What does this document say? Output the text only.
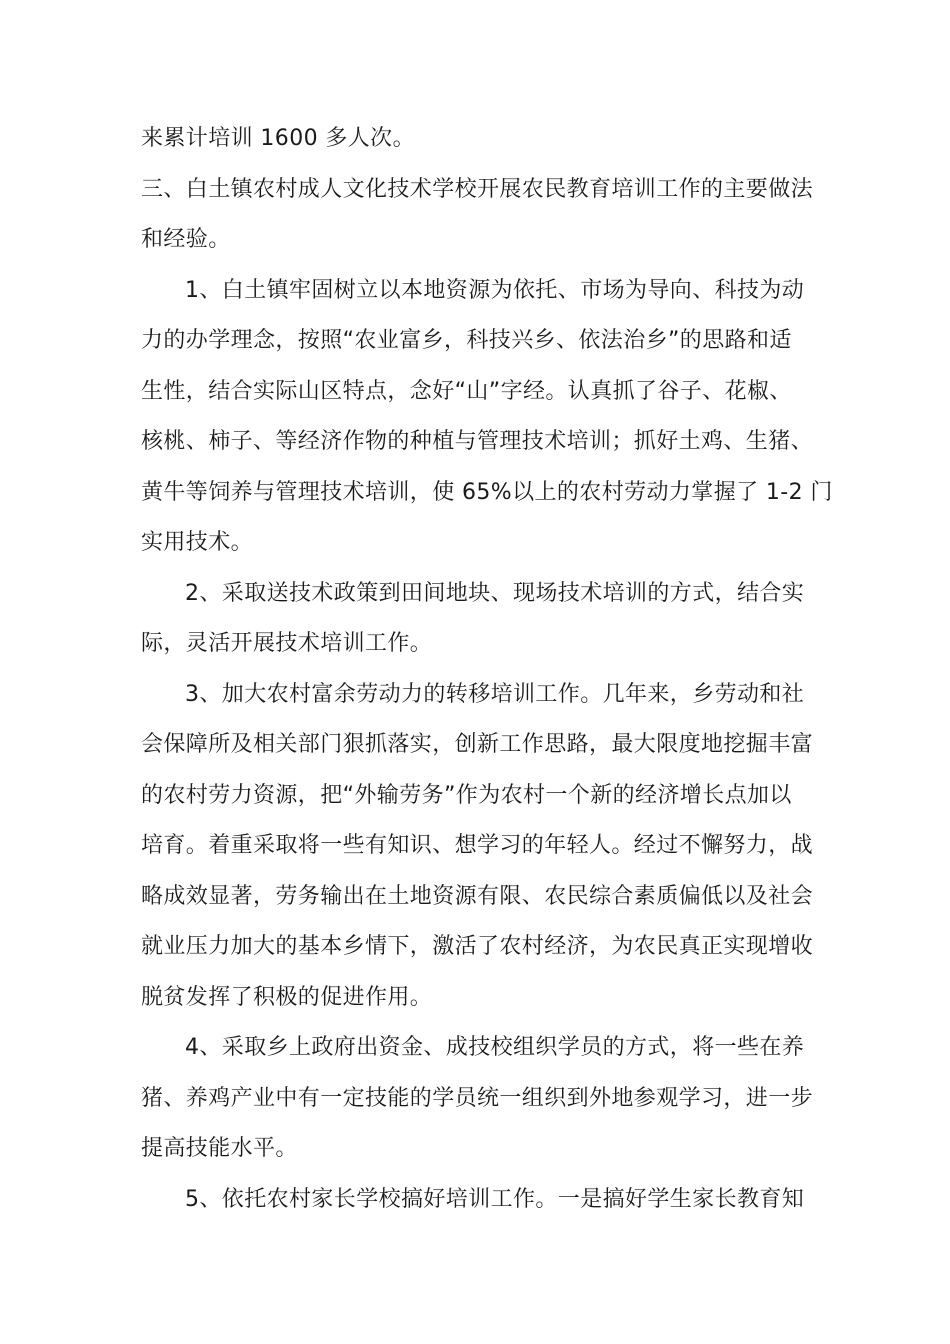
来累计培训 1600 多人次。
三、白土镇农村成人文化技术学校开展农民教育培训工作的主要做法
和经验。
1、白土镇牢固树立以本地资源为依托、市场为导向、科技为动
力的办学理念，按照“农业富乡，科技兴乡、依法治乡”的思路和适
生性，结合实际山区特点，念好“山”字经。认真抓了谷子、花椒、
核桃、柿子、等经济作物的种植与管理技术培训；抓好土鸡、生猪、
黄牛等饲养与管理技术培训，使 65%以上的农村劳动力掌握了 1-2 门
实用技术。
2、采取送技术政策到田间地块、现场技术培训的方式，结合实
际，灵活开展技术培训工作。
3、加大农村富余劳动力的转移培训工作。几年来，乡劳动和社
会保障所及相关部门狠抓落实，创新工作思路，最大限度地挖掘丰富
的农村劳力资源，把“外输劳务”作为农村一个新的经济增长点加以
培育。着重采取将一些有知识、想学习的年轻人。经过不懈努力，战
略成效显著，劳务输出在土地资源有限、农民综合素质偏低以及社会
就业压力加大的基本乡情下，激活了农村经济，为农民真正实现增收
脱贫发挥了积极的促进作用。
4、采取乡上政府出资金、成技校组织学员的方式，将一些在养
猪、养鸡产业中有一定技能的学员统一组织到外地参观学习，进一步
提高技能水平。
5、依托农村家长学校搞好培训工作。一是搞好学生家长教育知
